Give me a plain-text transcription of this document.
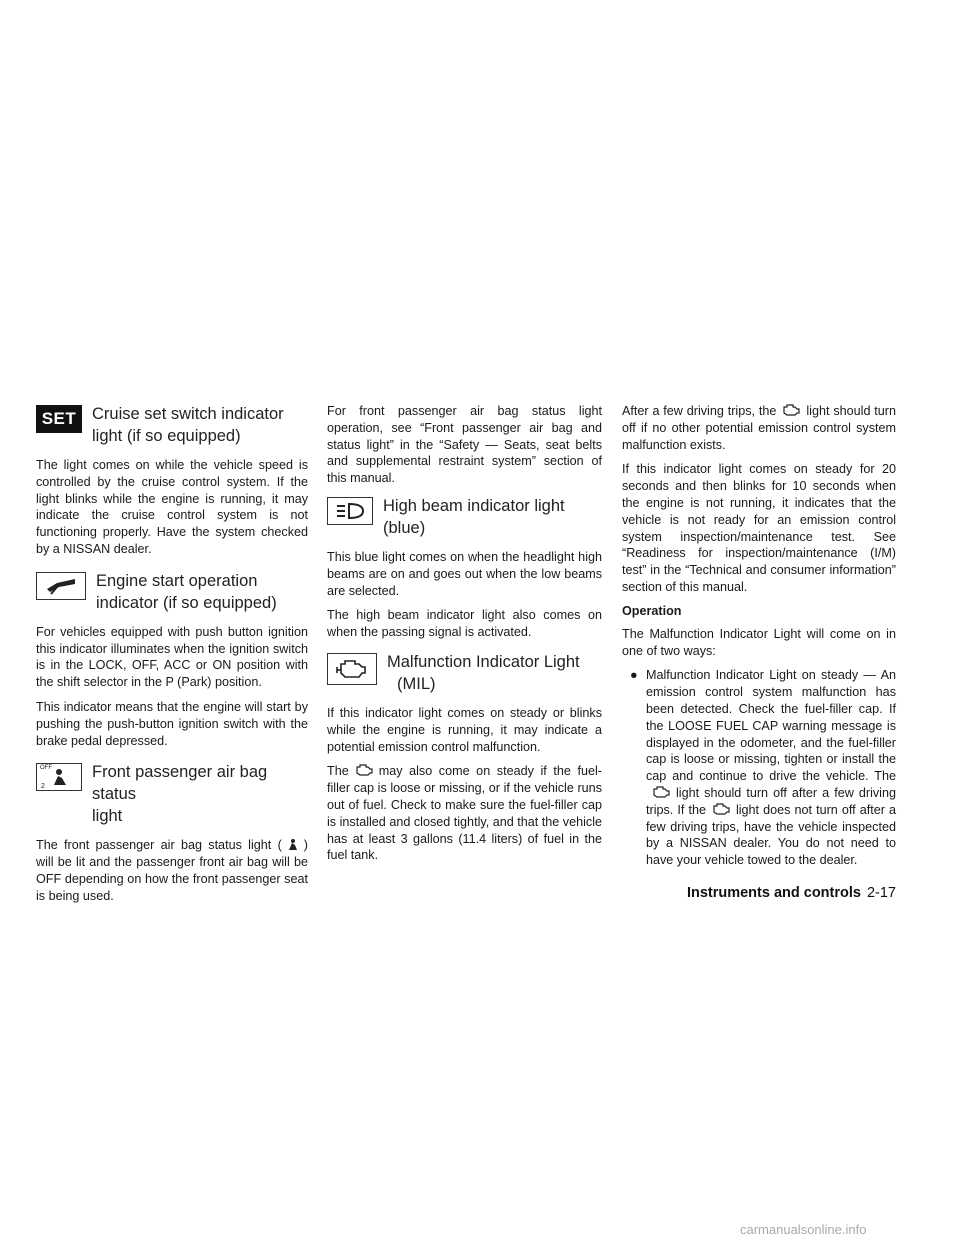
SET Cruise set switch indicator
light (if so equipped)

The light comes on while the vehicle speed is controlled by the cruise control system. If the light blinks while the engine is running, it may indicate the cruise control system is not functioning properly. Have the system checked by a NISSAN dealer.

Engine start operation
indicator (if so equipped)

For vehicles equipped with push button ignition this indicator illuminates when the ignition switch is in the LOCK, OFF, ACC or ON position with the shift selector in the P (Park) position.

This indicator means that the engine will start by pushing the push-button ignition switch with the brake pedal depressed.

OFF
2
Front passenger air bag status
light

The front passenger air bag status light ( ) will be lit and the passenger front air bag will be OFF depending on how the front passenger seat is being used.

For front passenger air bag status light operation, see “Front passenger air bag and status light” in the “Safety — Seats, seat belts and supplemental restraint system” section of this manual.

High beam indicator light
(blue)

This blue light comes on when the headlight high beams are on and goes out when the low beams are selected.

The high beam indicator light also comes on when the passing signal is activated.

Malfunction Indicator Light
(MIL)

If this indicator light comes on steady or blinks while the engine is running, it may indicate a potential emission control malfunction.

The may also come on steady if the fuel-filler cap is loose or missing, or if the vehicle runs out of fuel. Check to make sure the fuel-filler cap is installed and closed tightly, and that the vehicle has at least 3 gallons (11.4 liters) of fuel in the fuel tank.

After a few driving trips, the light should turn off if no other potential emission control system malfunction exists.

If this indicator light comes on steady for 20 seconds and then blinks for 10 seconds when the engine is not running, it indicates that the vehicle is not ready for an emission control system inspection/maintenance test. See “Readiness for inspection/maintenance (I/M) test” in the “Technical and consumer information” section of this manual.

Operation

The Malfunction Indicator Light will come on in one of two ways:

● Malfunction Indicator Light on steady — An emission control system malfunction has been detected. Check the fuel-filler cap. If the LOOSE FUEL CAP warning message is displayed in the odometer, and the fuel-filler cap is loose or missing, tighten or install the cap and continue to drive the vehicle. Thelight should turn off after a few driving trips. If the light does not turn off after a few driving trips, have the vehicle inspected by a NISSAN dealer. You do not need to have your vehicle towed to the dealer.
Instruments and controls 2-17
carmanualsonline.info
